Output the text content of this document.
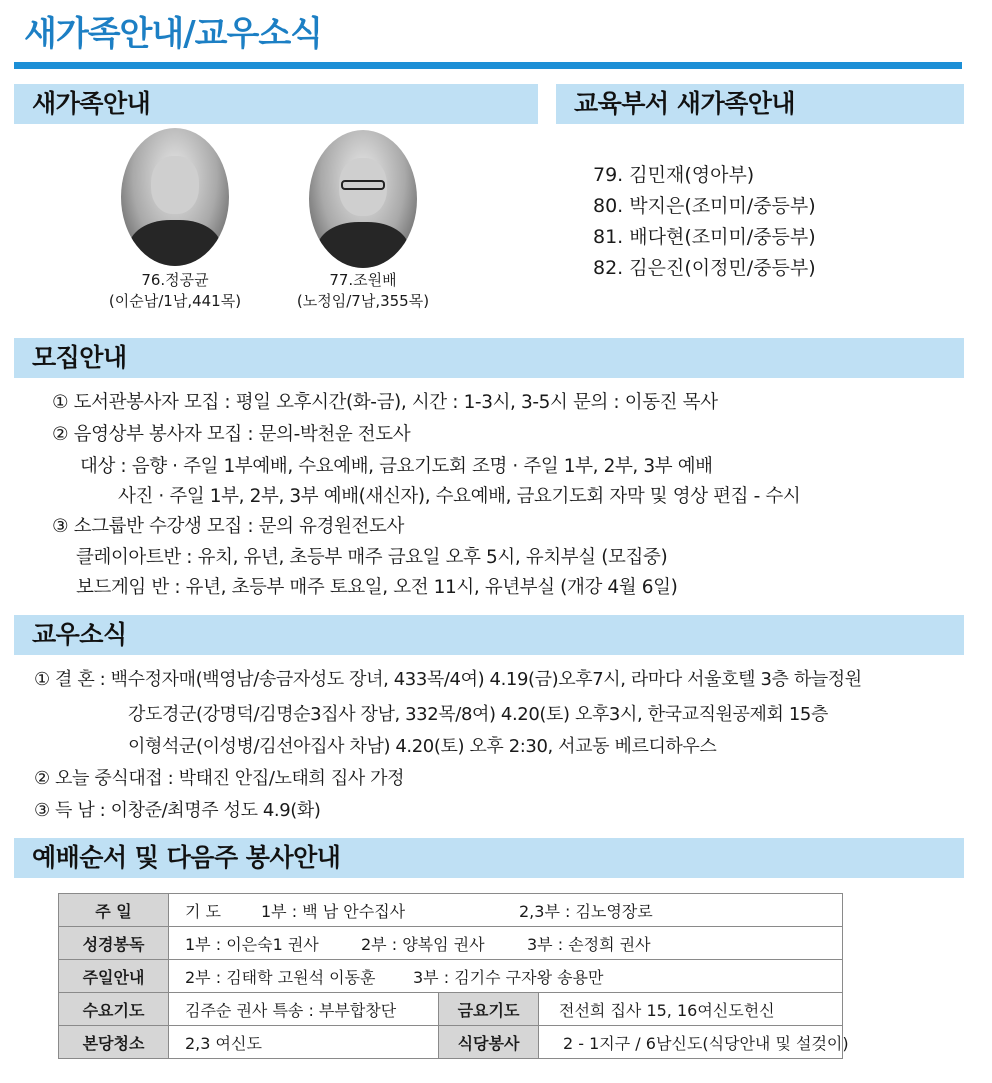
새가족안내/교우소식
새가족안내	교육부서 새가족안내
모집안내
교우소식
예배순서 및 다음주 봉사안내
76.정공균
(이순남/1남,441목)
77.조원배
(노정임/7남,355목)
79. 김민재(영아부)
80. 박지은(조미미/중등부)
81. 배다현(조미미/중등부)
82. 김은진(이정민/중등부)
① 도서관봉사자 모집 : 평일 오후시간(화-금), 시간 : 1-3시, 3-5시 문의 : 이동진 목사
② 음영상부 봉사자 모집 : 문의-박천운 전도사
대상 : 음향 · 주일 1부예배, 수요예배, 금요기도회 조명 · 주일 1부, 2부, 3부 예배
사진 · 주일 1부, 2부, 3부 예배(새신자), 수요예배, 금요기도회 자막 및 영상 편집 - 수시
③ 소그룹반 수강생 모집 : 문의 유경원전도사
클레이아트반 : 유치, 유년, 초등부 매주 금요일 오후 5시, 유치부실 (모집중)
보드게임 반 : 유년, 초등부 매주 토요일, 오전 11시, 유년부실 (개강 4월 6일)
① 결 혼 : 백수정자매(백영남/송금자성도 장녀, 433목/4여) 4.19(금)오후7시, 라마다 서울호텔 3층 하늘정원
강도경군(강명덕/김명순3집사 장남, 332목/8여) 4.20(토) 오후3시, 한국교직원공제회 15층
이형석군(이성병/김선아집사 차남) 4.20(토) 오후 2:30, 서교동 베르디하우스
② 오늘 중식대접 : 박태진 안집/노태희 집사 가정
③ 득 남 : 이창준/최명주 성도 4.9(화)
주 일	기 도 1부 : 백 남 안수집사 2,3부 : 김노영장로		
성경봉독	1부 : 이은숙1 권사 2부 : 양복임 권사 3부 : 손정희 권사		
주일안내	2부 : 김태학 고원석 이동훈 3부 : 김기수 구자왕 송용만		
수요기도	김주순 권사 특송 : 부부합창단	금요기도	전선희 집사 15, 16여신도헌신
본당청소	2,3 여신도	식당봉사	2 - 1지구 / 6남신도(식당안내 및 설겆이)
